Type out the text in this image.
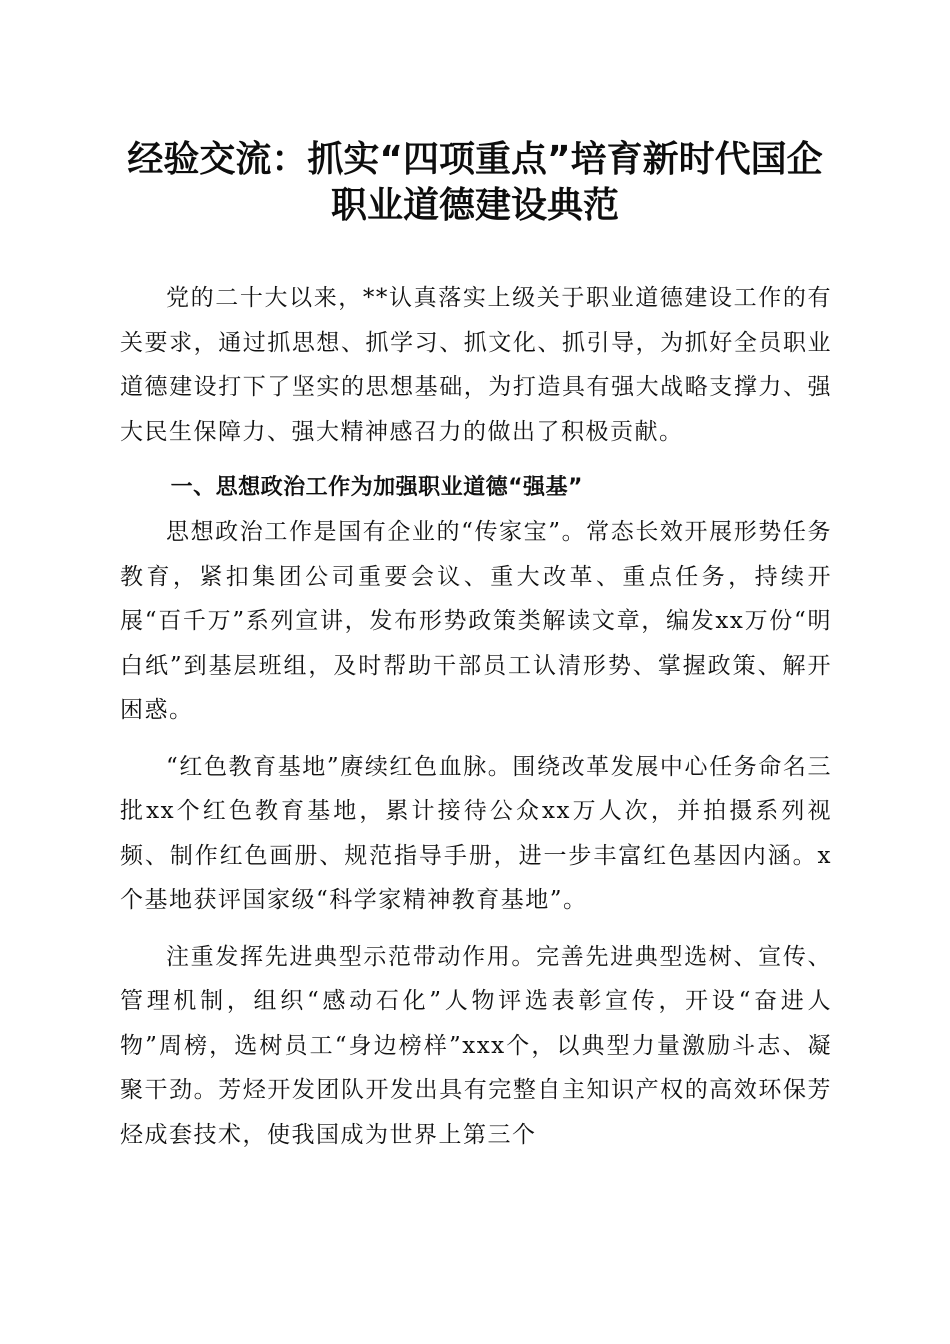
经验交流：抓实“四项重点”培育新时代国企
职业道德建设典范

党的二十大以来，**认真落实上级关于职业道德建设工作的有关要求，通过抓思想、抓学习、抓文化、抓引导，为抓好全员职业道德建设打下了坚实的思想基础，为打造具有强大战略支撑力、强大民生保障力、强大精神感召力的做出了积极贡献。

一、思想政治工作为加强职业道德“强基”

思想政治工作是国有企业的“传家宝”。常态长效开展形势任务教育，紧扣集团公司重要会议、重大改革、重点任务，持续开展“百千万”系列宣讲，发布形势政策类解读文章，编发xx万份“明白纸”到基层班组，及时帮助干部员工认清形势、掌握政策、解开困惑。

“红色教育基地”赓续红色血脉。围绕改革发展中心任务命名三批xx个红色教育基地，累计接待公众xx万人次，并拍摄系列视频、制作红色画册、规范指导手册，进一步丰富红色基因内涵。x个基地获评国家级“科学家精神教育基地”。

注重发挥先进典型示范带动作用。完善先进典型选树、宣传、管理机制，组织“感动石化”人物评选表彰宣传，开设“奋进人物”周榜，选树员工“身边榜样”xxx个，以典型力量激励斗志、凝聚干劲。芳烃开发团队开发出具有完整自主知识产权的高效环保芳烃成套技术，使我国成为世界上第三个
